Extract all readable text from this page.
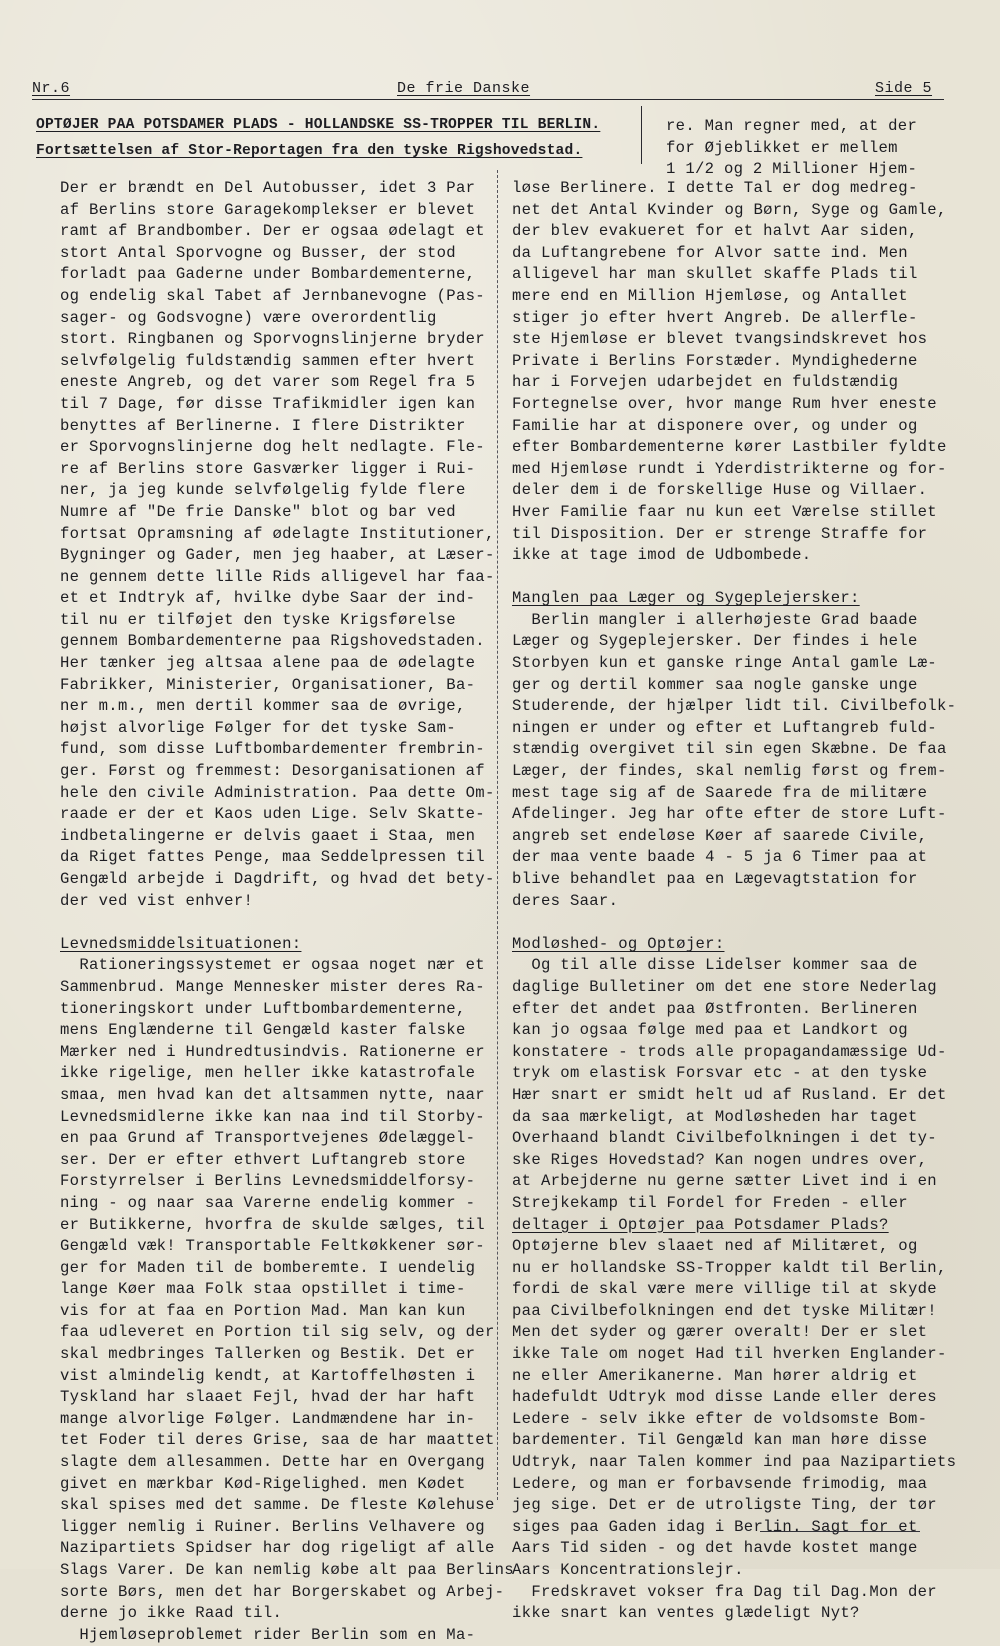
Nr.6	De frie Danske	Side 5
OPTØJER PAA POTSDAMER PLADS - HOLLANDSKE SS-TROPPER TIL BERLIN.
Fortsættelsen af Stor-Reportagen fra den tyske Rigshovedstad.
re. Man regner med, at der
for Øjeblikket er mellem
1 1/2 og 2 Millioner Hjem-
Der er brændt en Del Autobusser, idet 3 Par
af Berlins store Garagekomplekser er blevet
ramt af Brandbomber. Der er ogsaa ødelagt et
stort Antal Sporvogne og Busser, der stod
forladt paa Gaderne under Bombardementerne,
og endelig skal Tabet af Jernbanevogne (Pas-
sager- og Godsvogne) være overordentlig
stort. Ringbanen og Sporvognslinjerne bryder
selvfølgelig fuldstændig sammen efter hvert
eneste Angreb, og det varer som Regel fra 5
til 7 Dage, før disse Trafikmidler igen kan
benyttes af Berlinerne. I flere Distrikter
er Sporvognslinjerne dog helt nedlagte. Fle-
re af Berlins store Gasværker ligger i Rui-
ner, ja jeg kunde selvfølgelig fylde flere
Numre af "De frie Danske" blot og bar ved
fortsat Opramsning af ødelagte Institutioner,
Bygninger og Gader, men jeg haaber, at Læser-
ne gennem dette lille Rids alligevel har faa-
et et Indtryk af, hvilke dybe Saar der ind-
til nu er tilføjet den tyske Krigsførelse
gennem Bombardementerne paa Rigshovedstaden.
Her tænker jeg altsaa alene paa de ødelagte
Fabrikker, Ministerier, Organisationer, Ba-
ner m.m., men dertil kommer saa de øvrige,
højst alvorlige Følger for det tyske Sam-
fund, som disse Luftbombardementer frembrin-
ger. Først og fremmest: Desorganisationen af
hele den civile Administration. Paa dette Om-
raade er der et Kaos uden Lige. Selv Skatte-
indbetalingerne er delvis gaaet i Staa, men
da Riget fattes Penge, maa Seddelpressen til
Gengæld arbejde i Dagdrift, og hvad det bety-
der ved vist enhver!
Levnedsmiddelsituationen:
Rationeringssystemet er ogsaa noget nær et
Sammenbrud. Mange Mennesker mister deres Ra-
tioneringskort under Luftbombardementerne,
mens Englænderne til Gengæld kaster falske
Mærker ned i Hundredtusindvis. Rationerne er
ikke rigelige, men heller ikke katastrofale
smaa, men hvad kan det altsammen nytte, naar
Levnedsmidlerne ikke kan naa ind til Storby-
en paa Grund af Transportvejenes Ødelæggel-
ser. Der er efter ethvert Luftangreb store
Forstyrrelser i Berlins Levnedsmiddelforsy-
ning - og naar saa Varerne endelig kommer -
er Butikkerne, hvorfra de skulde sælges, til
Gengæld væk! Transportable Feltkøkkener sør-
ger for Maden til de bomberemte. I uendelig
lange Køer maa Folk staa opstillet i time-
vis for at faa en Portion Mad. Man kan kun
faa udleveret en Portion til sig selv, og der
skal medbringes Tallerken og Bestik. Det er
vist almindelig kendt, at Kartoffelhøsten i
Tyskland har slaaet Fejl, hvad der har haft
mange alvorlige Følger. Landmændene har in-
tet Foder til deres Grise, saa de har maattet
slagte dem allesammen. Dette har en Overgang
givet en mærkbar Kød-Rigelighed. men Kødet
skal spises med det samme. De fleste Kølehuse
ligger nemlig i Ruiner. Berlins Velhavere og
Nazipartiets Spidser har dog rigeligt af alle
Slags Varer. De kan nemlig købe alt paa Berlins
sorte Børs, men det har Borgerskabet og Arbej-
derne jo ikke Raad til.
Hjemløseproblemet rider Berlin som en Ma-
løse Berlinere. I dette Tal er dog medreg-
net det Antal Kvinder og Børn, Syge og Gamle,
der blev evakueret for et halvt Aar siden,
da Luftangrebene for Alvor satte ind. Men
alligevel har man skullet skaffe Plads til
mere end en Million Hjemløse, og Antallet
stiger jo efter hvert Angreb. De allerfle-
ste Hjemløse er blevet tvangsindskrevet hos
Private i Berlins Forstæder. Myndighederne
har i Forvejen udarbejdet en fuldstændig
Fortegnelse over, hvor mange Rum hver eneste
Familie har at disponere over, og under og
efter Bombardementerne kører Lastbiler fyldte
med Hjemløse rundt i Yderdistrikterne og for-
deler dem i de forskellige Huse og Villaer.
Hver Familie faar nu kun eet Værelse stillet
til Disposition. Der er strenge Straffe for
ikke at tage imod de Udbombede.
Manglen paa Læger og Sygeplejersker:
Berlin mangler i allerhøjeste Grad baade
Læger og Sygeplejersker. Der findes i hele
Storbyen kun et ganske ringe Antal gamle Læ-
ger og dertil kommer saa nogle ganske unge
Studerende, der hjælper lidt til. Civilbefolk-
ningen er under og efter et Luftangreb fuld-
stændig overgivet til sin egen Skæbne. De faa
Læger, der findes, skal nemlig først og frem-
mest tage sig af de Saarede fra de militære
Afdelinger. Jeg har ofte efter de store Luft-
angreb set endeløse Køer af saarede Civile,
der maa vente baade 4 - 5 ja 6 Timer paa at
blive behandlet paa en Lægevagtstation for
deres Saar.
Modløshed- og Optøjer:
Og til alle disse Lidelser kommer saa de
daglige Bulletiner om det ene store Nederlag
efter det andet paa Østfronten. Berlineren
kan jo ogsaa følge med paa et Landkort og
konstatere - trods alle propagandamæssige Ud-
tryk om elastisk Forsvar etc - at den tyske
Hær snart er smidt helt ud af Rusland. Er det
da saa mærkeligt, at Modløsheden har taget
Overhaand blandt Civilbefolkningen i det ty-
ske Riges Hovedstad? Kan nogen undres over,
at Arbejderne nu gerne sætter Livet ind i en
Strejkekamp til Fordel for Freden - eller
deltager i Optøjer paa Potsdamer Plads?
Optøjerne blev slaaet ned af Militæret, og
nu er hollandske SS-Tropper kaldt til Berlin,
fordi de skal være mere villige til at skyde
paa Civilbefolkningen end det tyske Militær!
Men det syder og gærer overalt! Der er slet
ikke Tale om noget Had til hverken Englander-
ne eller Amerikanerne. Man hører aldrig et
hadefuldt Udtryk mod disse Lande eller deres
Ledere - selv ikke efter de voldsomste Bom-
bardementer. Til Gengæld kan man høre disse
Udtryk, naar Talen kommer ind paa Nazipartiets
Ledere, og man er forbavsende frimodig, maa
jeg sige. Det er de utroligste Ting, der tør
siges paa Gaden idag i Berlin. Sagt for et
Aars Tid siden - og det havde kostet mange
Aars Koncentrationslejr.
Fredskravet vokser fra Dag til Dag.Mon der
ikke snart kan ventes glædeligt Nyt?
